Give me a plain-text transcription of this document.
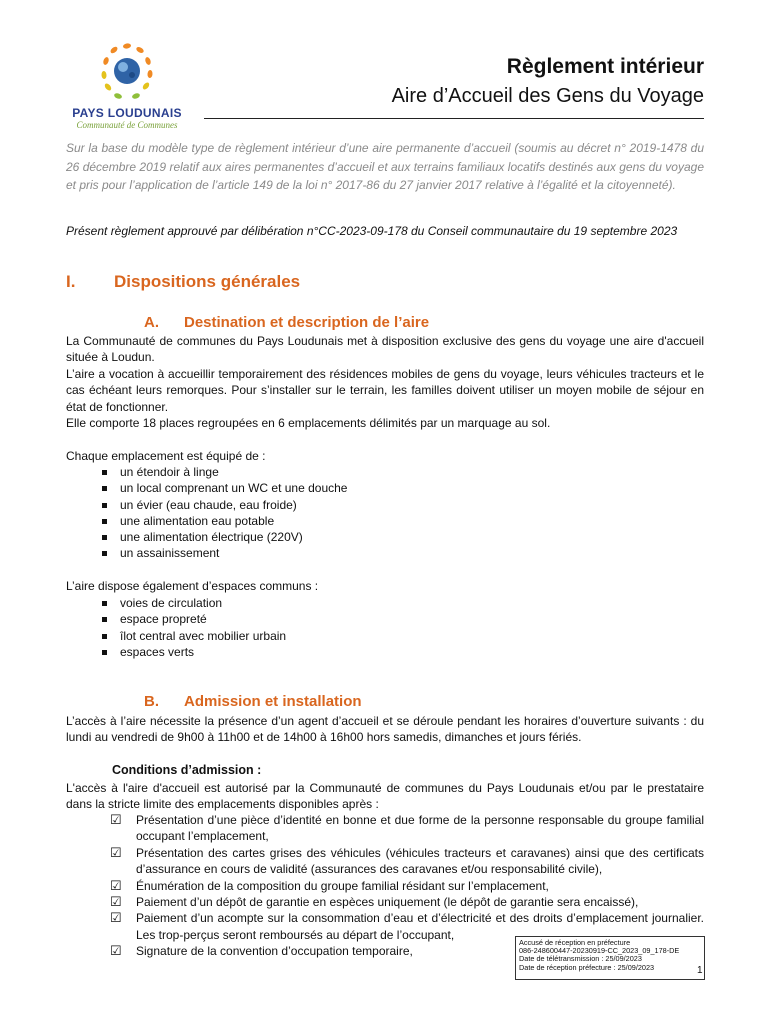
PAYS LOUDUNAIS
Communauté de Communes
Règlement intérieur
Aire d’Accueil des Gens du Voyage
Sur la base du modèle type de règlement intérieur d’une aire permanente d’accueil (soumis au décret n° 2019-1478 du 26 décembre 2019 relatif aux aires permanentes d’accueil et aux terrains familiaux locatifs destinés aux gens du voyage et pris pour l’application de l’article 149 de la loi n° 2017-86 du 27 janvier 2017 relative à l’égalité et la citoyenneté).
Présent règlement approuvé par délibération n°CC-2023-09-178 du Conseil communautaire du 19 septembre 2023
I. Dispositions générales
A. Destination et description de l’aire

La Communauté de communes du Pays Loudunais met à disposition exclusive des gens du voyage une aire d'accueil située à Loudun.

L’aire a vocation à accueillir temporairement des résidences mobiles de gens du voyage, leurs véhicules tracteurs et le cas échéant leurs remorques. Pour s’installer sur le terrain, les familles doivent utiliser un moyen mobile de séjour en état de fonctionner.

Elle comporte 18 places regroupées en 6 emplacements délimités par un marquage au sol.

Chaque emplacement est équipé de :
un étendoir à linge
un local comprenant un WC et une douche
un évier (eau chaude, eau froide)
une alimentation eau potable
une alimentation électrique (220V)
un assainissement
L’aire dispose également d’espaces communs :
voies de circulation
espace propreté
îlot central avec mobilier urbain
espaces verts
B. Admission et installation
L’accès à l’aire nécessite la présence d’un agent d’accueil et se déroule pendant les horaires d’ouverture suivants : du lundi au vendredi de 9h00 à 11h00 et de 14h00 à 16h00 hors samedis, dimanches et jours fériés.
Conditions d’admission :
L'accès à l'aire d'accueil est autorisé par la Communauté de communes du Pays Loudunais et/ou par le prestataire dans la stricte limite des emplacements disponibles après :
☑ Présentation d’une pièce d’identité en bonne et due forme de la personne responsable du groupe familial occupant l’emplacement,
☑ Présentation des cartes grises des véhicules (véhicules tracteurs et caravanes) ainsi que des certificats d’assurance en cours de validité (assurances des caravanes et/ou responsabilité civile),
☑ Énumération de la composition du groupe familial résidant sur l’emplacement,
☑ Paiement d’un dépôt de garantie en espèces uniquement (le dépôt de garantie sera encaissé),
☑ Paiement d’un acompte sur la consommation d’eau et d’électricité et des droits d’emplacement journalier. Les trop-perçus seront remboursés au départ de l’occupant,
☑ Signature de la convention d’occupation temporaire,
Accusé de réception en préfecture
086-248600447-20230919-CC_2023_09_178-DE
Date de télétransmission : 25/09/2023
Date de réception préfecture : 25/09/2023	1
